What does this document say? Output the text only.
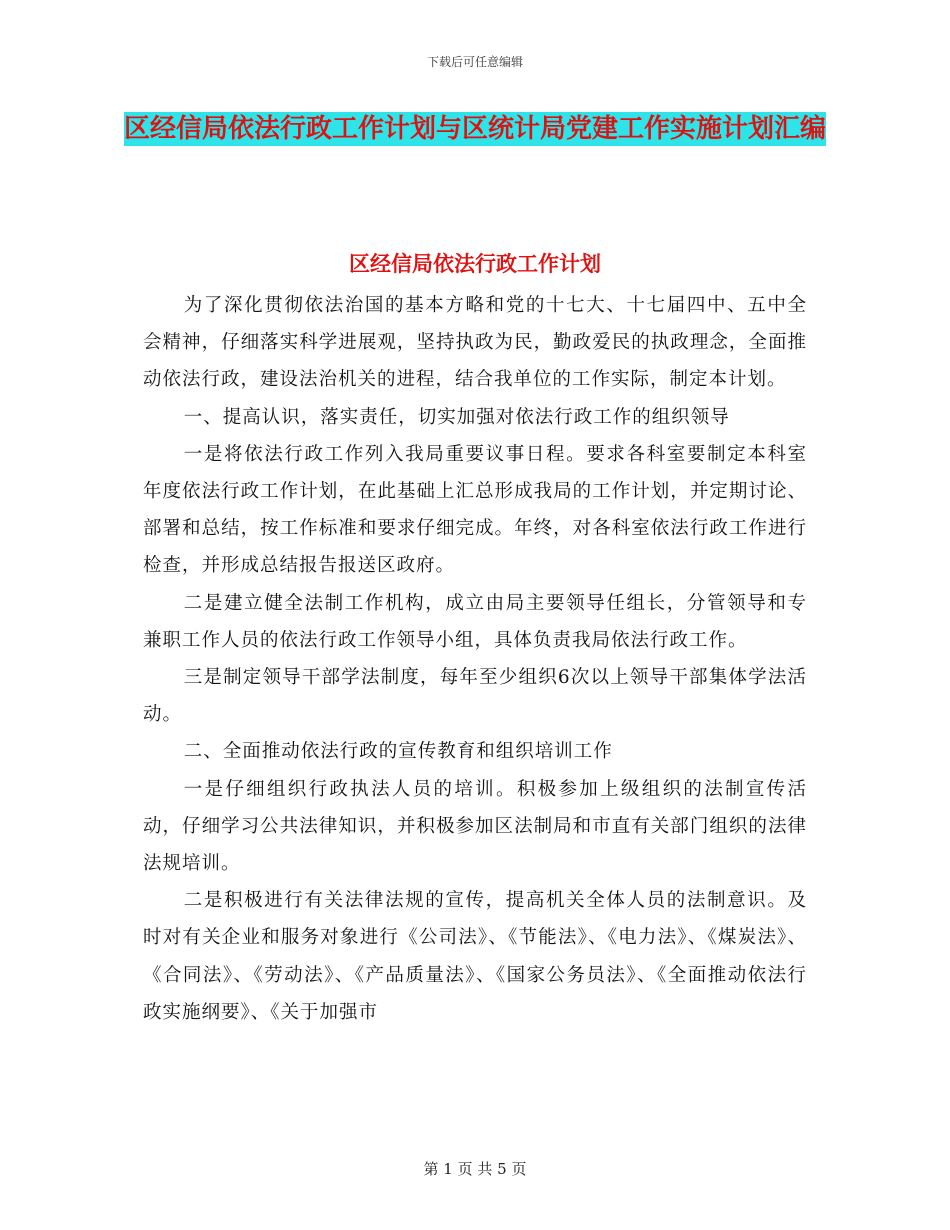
下载后可任意编辑
区经信局依法行政工作计划与区统计局党建工作实施计划汇编
区经信局依法行政工作计划

为了深化贯彻依法治国的基本方略和党的十七大、十七届四中、五中全会精神，仔细落实科学进展观，坚持执政为民，勤政爱民的执政理念，全面推动依法行政，建设法治机关的进程，结合我单位的工作实际，制定本计划。

一、提高认识，落实责任，切实加强对依法行政工作的组织领导

一是将依法行政工作列入我局重要议事日程。要求各科室要制定本科室年度依法行政工作计划，在此基础上汇总形成我局的工作计划，并定期讨论、部署和总结，按工作标准和要求仔细完成。年终，对各科室依法行政工作进行检查，并形成总结报告报送区政府。

二是建立健全法制工作机构，成立由局主要领导任组长，分管领导和专兼职工作人员的依法行政工作领导小组，具体负责我局依法行政工作。

三是制定领导干部学法制度，每年至少组织6次以上领导干部集体学法活动。

二、全面推动依法行政的宣传教育和组织培训工作

一是仔细组织行政执法人员的培训。积极参加上级组织的法制宣传活动，仔细学习公共法律知识，并积极参加区法制局和市直有关部门组织的法律法规培训。

二是积极进行有关法律法规的宣传，提高机关全体人员的法制意识。及时对有关企业和服务对象进行《公司法》、《节能法》、《电力法》、《煤炭法》、《合同法》、《劳动法》、《产品质量法》、《国家公务员法》、《全面推动依法行政实施纲要》、《关于加强市

第 1 页 共 5 页
